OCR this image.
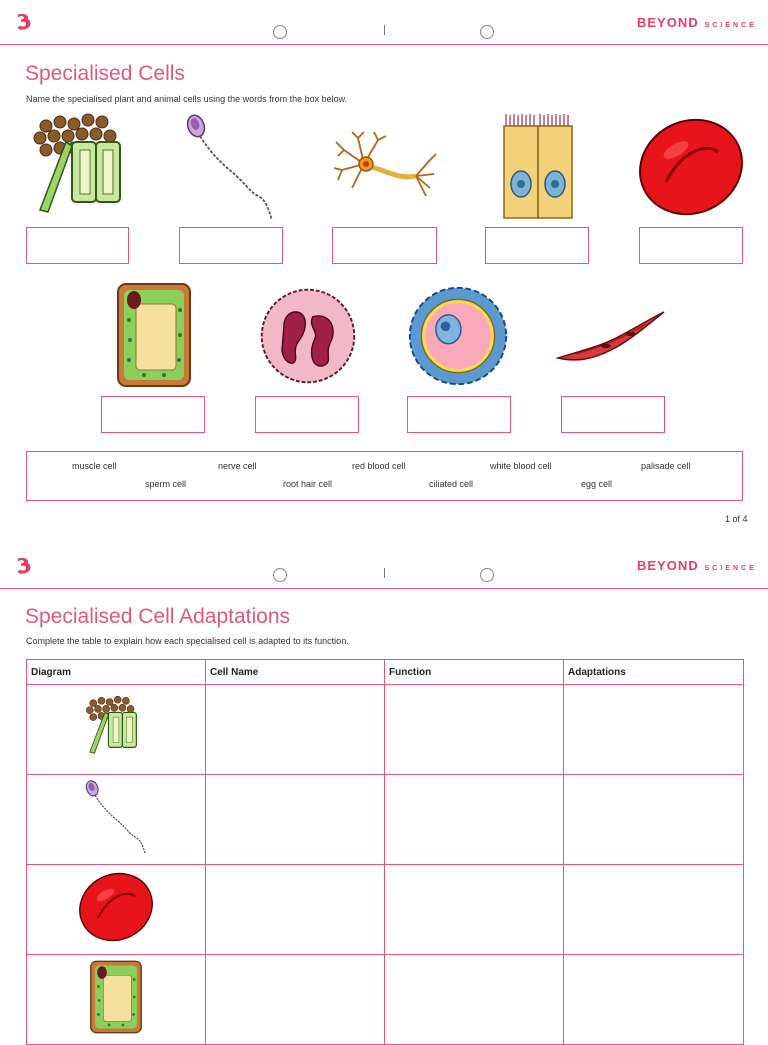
BEYOND SCIENCE
Specialised Cells
Name the specialised plant and animal cells using the words from the box below.
muscle cell	nerve cell	red blood cell	white blood cell	palisade cell
sperm cell	root hair cell	ciliated cell	egg cell
1 of 4
BEYOND SCIENCE
Specialised Cell Adaptations
Complete the table to explain how each specialised cell is adapted to its function.
Diagram	Cell Name	Function	Adaptations
